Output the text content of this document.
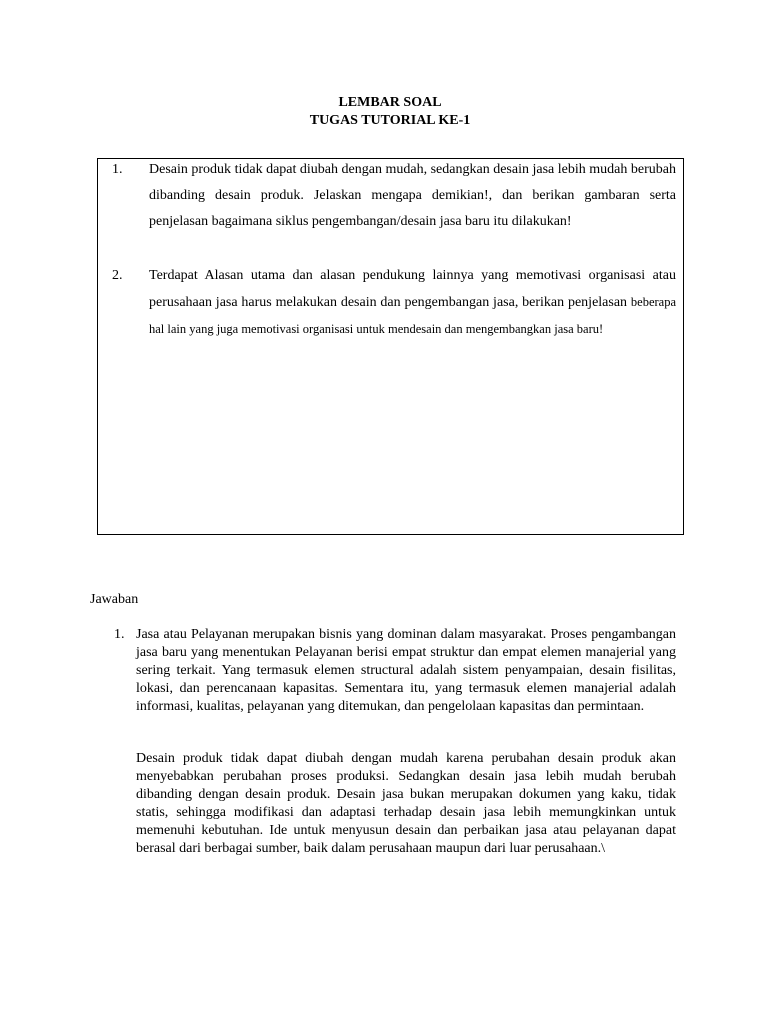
LEMBAR SOAL
TUGAS TUTORIAL KE-1
1. Desain produk tidak dapat diubah dengan mudah, sedangkan desain jasa lebih mudah berubah dibanding desain produk. Jelaskan mengapa demikian!, dan berikan gambaran serta penjelasan bagaimana siklus pengembangan/desain jasa baru itu dilakukan!
2. Terdapat Alasan utama dan alasan pendukung lainnya yang memotivasi organisasi atau perusahaan jasa harus melakukan desain dan pengembangan jasa, berikan penjelasan beberapa hal lain yang juga memotivasi organisasi untuk mendesain dan mengembangkan jasa baru!
Jawaban
1. Jasa atau Pelayanan merupakan bisnis yang dominan dalam masyarakat. Proses pengambangan jasa baru yang menentukan Pelayanan berisi empat struktur dan empat elemen manajerial yang sering terkait. Yang termasuk elemen structural adalah sistem penyampaian, desain fisilitas, lokasi, dan perencanaan kapasitas. Sementara itu, yang termasuk elemen manajerial adalah informasi, kualitas, pelayanan yang ditemukan, dan pengelolaan kapasitas dan permintaan.
Desain produk tidak dapat diubah dengan mudah karena perubahan desain produk akan menyebabkan perubahan proses produksi. Sedangkan desain jasa lebih mudah berubah dibanding dengan desain produk. Desain jasa bukan merupakan dokumen yang kaku, tidak statis, sehingga modifikasi dan adaptasi terhadap desain jasa lebih memungkinkan untuk memenuhi kebutuhan. Ide untuk menyusun desain dan perbaikan jasa atau pelayanan dapat berasal dari berbagai sumber, baik dalam perusahaan maupun dari luar perusahaan.\
